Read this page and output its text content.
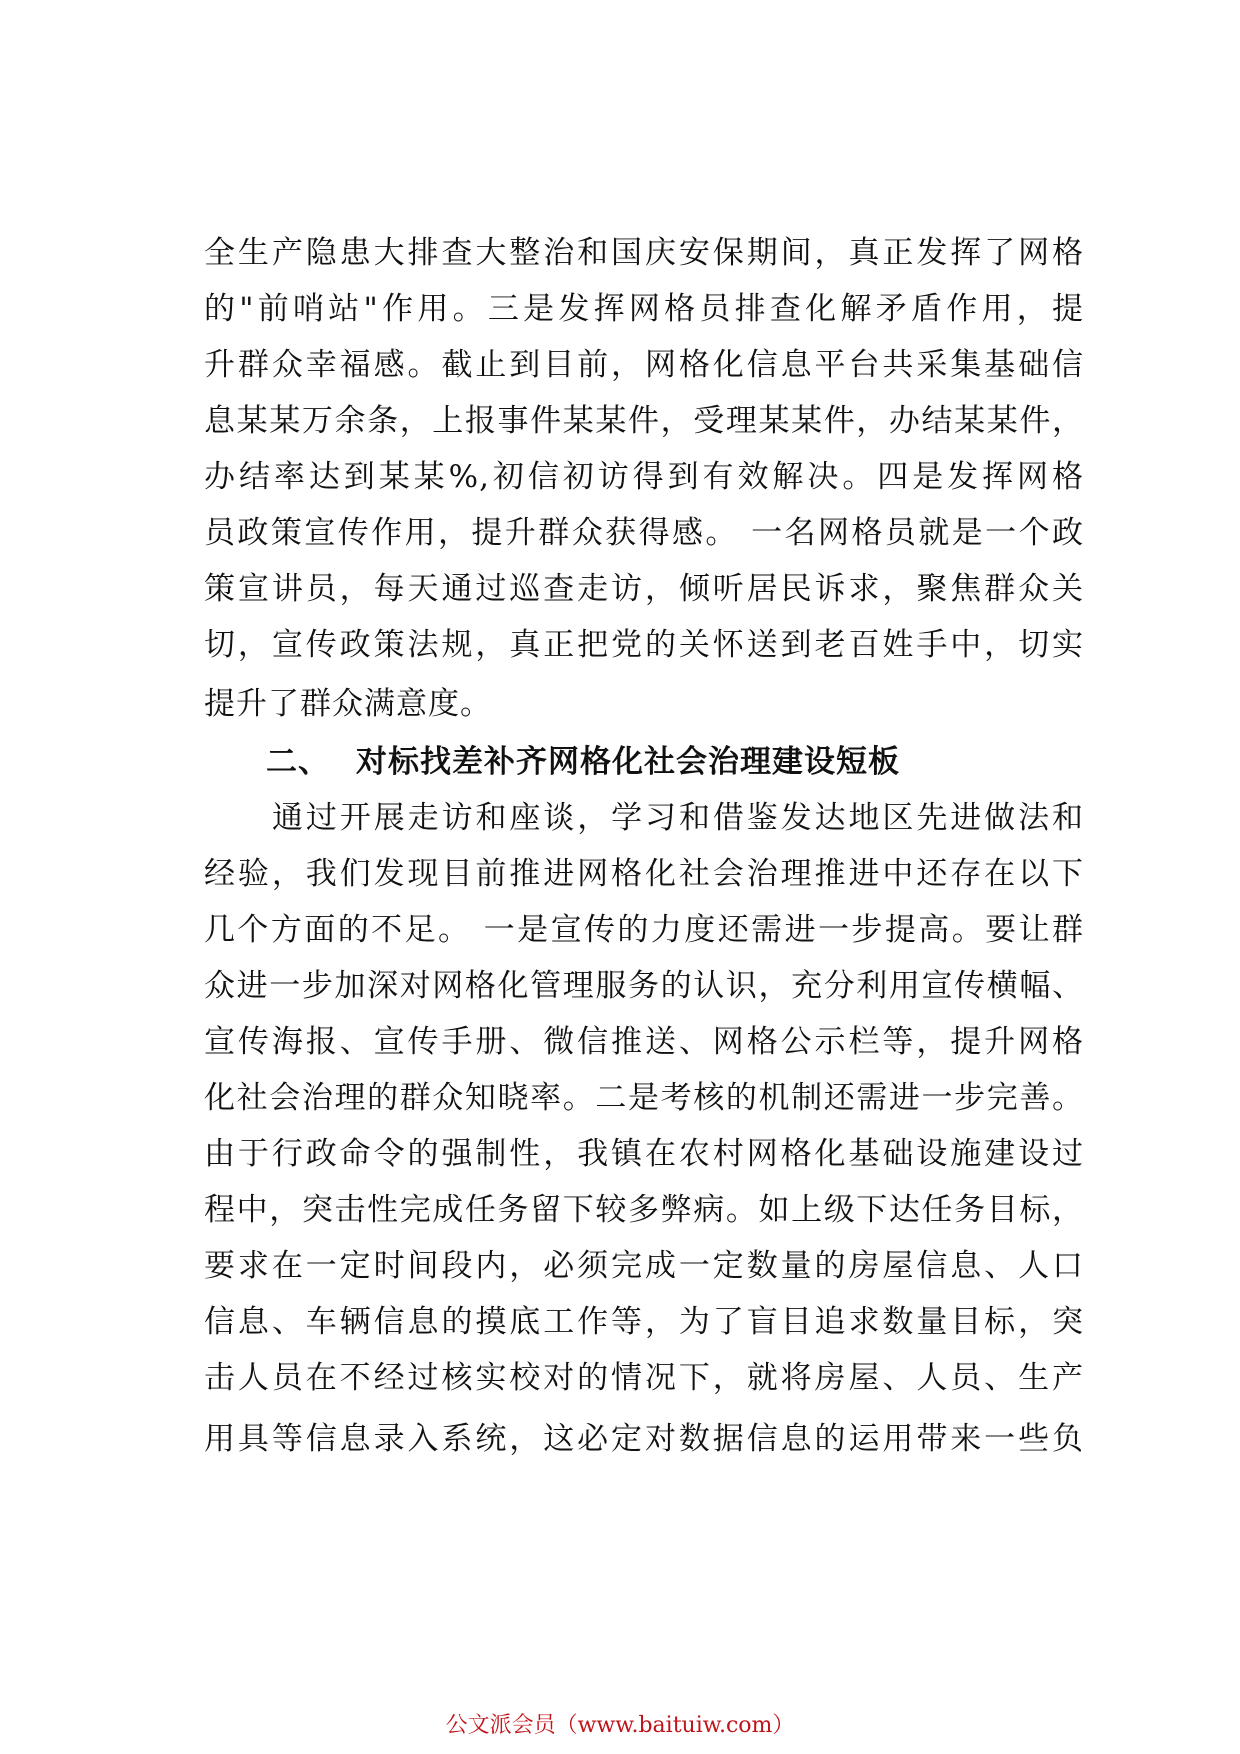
全生产隐患大排查大整治和国庆安保期间，真正发挥了网格
的"前哨站"作用。三是发挥网格员排查化解矛盾作用，提
升群众幸福感。截止到目前，网格化信息平台共采集基础信
息某某万余条，上报事件某某件，受理某某件，办结某某件，
办结率达到某某%,初信初访得到有效解决。四是发挥网格
员政策宣传作用，提升群众获得感。 一名网格员就是一个政
策宣讲员，每天通过巡查走访，倾听居民诉求，聚焦群众关
切，宣传政策法规，真正把党的关怀送到老百姓手中，切实
提升了群众满意度。
二、 对标找差补齐网格化社会治理建设短板
通过开展走访和座谈，学习和借鉴发达地区先进做法和
经验，我们发现目前推进网格化社会治理推进中还存在以下
几个方面的不足。 一是宣传的力度还需进一步提高。要让群
众进一步加深对网格化管理服务的认识，充分利用宣传横幅、
宣传海报、宣传手册、微信推送、网格公示栏等，提升网格
化社会治理的群众知晓率。二是考核的机制还需进一步完善。
由于行政命令的强制性，我镇在农村网格化基础设施建设过
程中，突击性完成任务留下较多弊病。如上级下达任务目标，
要求在一定时间段内，必须完成一定数量的房屋信息、人口
信息、车辆信息的摸底工作等，为了盲目追求数量目标，突
击人员在不经过核实校对的情况下，就将房屋、人员、生产
用具等信息录入系统，这必定对数据信息的运用带来一些负
公文派会员（www.baituiw.com）
